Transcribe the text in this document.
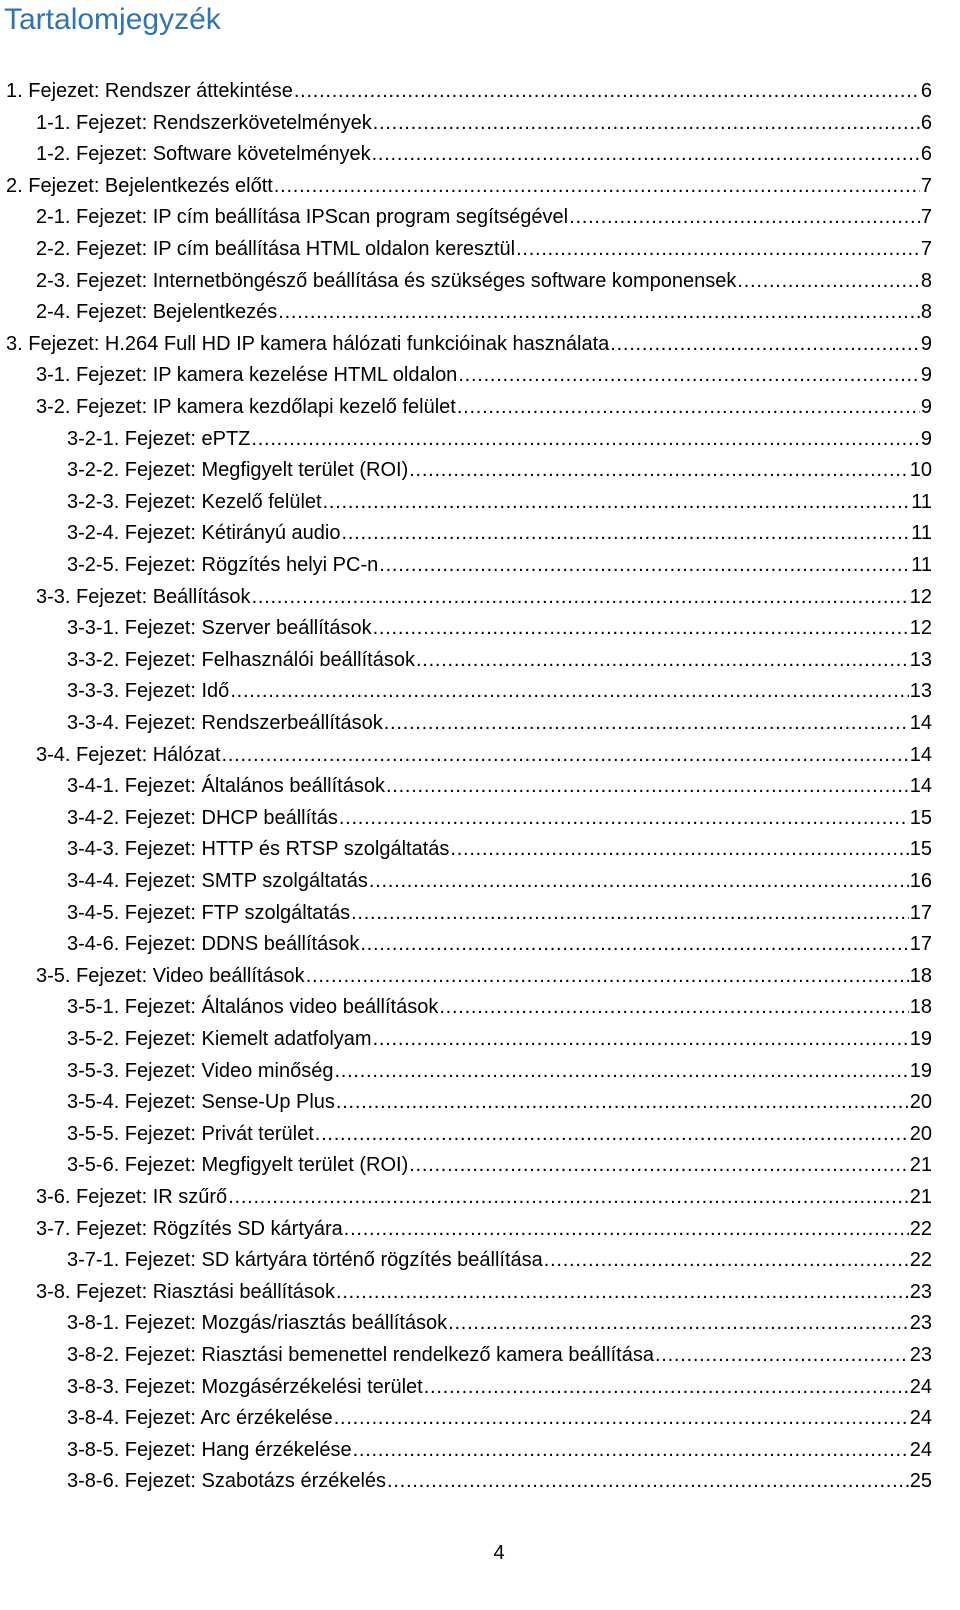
Tartalomjegyzék
1. Fejezet: Rendszer áttekintése . . .	6
1-1. Fejezet: Rendszerkövetelmények . . .	6
1-2. Fejezet: Software követelmények . . .	6
2. Fejezet: Bejelentkezés előtt . . .	7
2-1. Fejezet: IP cím beállítása IPScan program segítségével . . .	7
2-2. Fejezet: IP cím beállítása HTML oldalon keresztül . . .	7
2-3. Fejezet: Internetböngésző beállítása és szükséges software komponensek . . .	8
2-4. Fejezet: Bejelentkezés . . .	8
3. Fejezet: H.264 Full HD IP kamera hálózati funkcióinak használata . . .	9
3-1. Fejezet: IP kamera kezelése HTML oldalon . . .	9
3-2. Fejezet: IP kamera kezdőlapi kezelő felület . . .	9
3-2-1. Fejezet: ePTZ . . .	9
3-2-2. Fejezet: Megfigyelt terület (ROI) . . .	10
3-2-3. Fejezet: Kezelő felület . . .	11
3-2-4. Fejezet: Kétirányú audio . . .	11
3-2-5. Fejezet: Rögzítés helyi PC-n . . .	11
3-3. Fejezet: Beállítások . . .	12
3-3-1. Fejezet: Szerver beállítások . . .	12
3-3-2. Fejezet: Felhasználói beállítások . . .	13
3-3-3. Fejezet: Idő . . .	13
3-3-4. Fejezet: Rendszerbeállítások . . .	14
3-4. Fejezet: Hálózat . . .	14
3-4-1. Fejezet: Általános beállítások . . .	14
3-4-2. Fejezet: DHCP beállítás . . .	15
3-4-3. Fejezet: HTTP és RTSP szolgáltatás . . .	15
3-4-4. Fejezet: SMTP szolgáltatás . . .	16
3-4-5. Fejezet: FTP szolgáltatás . . .	17
3-4-6. Fejezet: DDNS beállítások . . .	17
3-5. Fejezet: Video beállítások . . .	18
3-5-1. Fejezet: Általános video beállítások . . .	18
3-5-2. Fejezet: Kiemelt adatfolyam . . .	19
3-5-3. Fejezet: Video minőség . . .	19
3-5-4. Fejezet: Sense-Up Plus . . .	20
3-5-5. Fejezet: Privát terület . . .	20
3-5-6. Fejezet: Megfigyelt terület (ROI) . . .	21
3-6. Fejezet: IR szűrő . . .	21
3-7. Fejezet: Rögzítés SD kártyára . . .	22
3-7-1. Fejezet: SD kártyára történő rögzítés beállítása . . .	22
3-8. Fejezet: Riasztási beállítások . . .	23
3-8-1. Fejezet: Mozgás/riasztás beállítások . . .	23
3-8-2. Fejezet: Riasztási bemenettel rendelkező kamera beállítása . . .	23
3-8-3. Fejezet: Mozgásérzékelési terület . . .	24
3-8-4. Fejezet: Arc érzékelése . . .	24
3-8-5. Fejezet: Hang érzékelése . . .	24
3-8-6. Fejezet: Szabotázs érzékelés . . .	25
4
